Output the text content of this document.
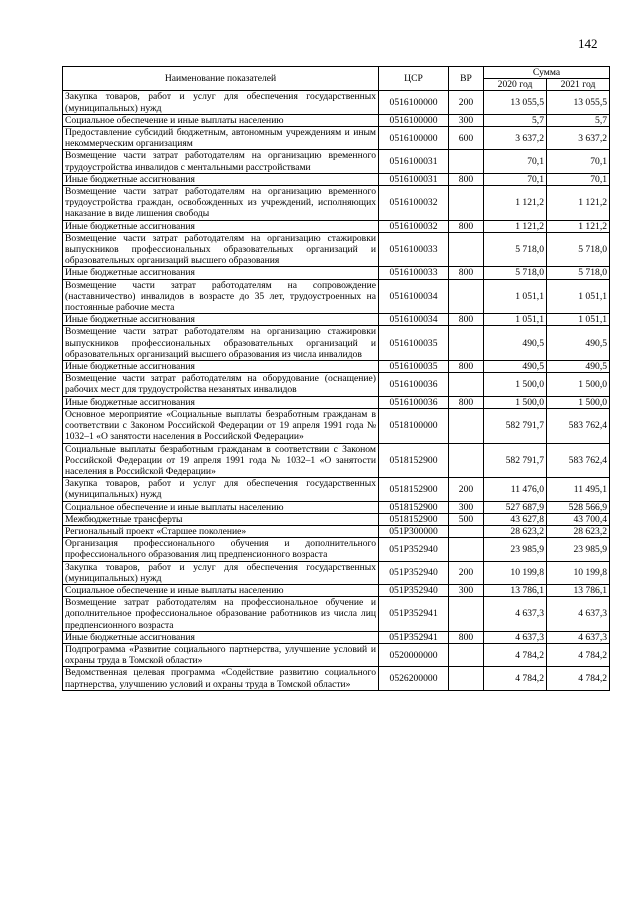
142
Наименование показателей	ЦСР	ВР	Сумма	
			2020 год	2021 год
Закупка товаров, работ и услуг для обеспечения государственных (муниципальных) нужд	0516100000	200	13 055,5	13 055,5
Социальное обеспечение и иные выплаты населению	0516100000	300	5,7	5,7
Предоставление субсидий бюджетным, автономным учреждениям и иным некоммерческим организациям	0516100000	600	3 637,2	3 637,2
Возмещение части затрат работодателям на организацию временного трудоустройства инвалидов с ментальными расстройствами	0516100031		70,1	70,1
Иные бюджетные ассигнования	0516100031	800	70,1	70,1
Возмещение части затрат работодателям на организацию временного трудоустройства граждан, освобожденных из учреждений, исполняющих наказание в виде лишения свободы	0516100032		1 121,2	1 121,2
Иные бюджетные ассигнования	0516100032	800	1 121,2	1 121,2
Возмещение части затрат работодателям на организацию стажировки выпускников профессиональных образовательных организаций и образовательных организаций высшего образования	0516100033		5 718,0	5 718,0
Иные бюджетные ассигнования	0516100033	800	5 718,0	5 718,0
Возмещение части затрат работодателям на сопровождение (наставничество) инвалидов в возрасте до 35 лет, трудоустроенных на постоянные рабочие места	0516100034		1 051,1	1 051,1
Иные бюджетные ассигнования	0516100034	800	1 051,1	1 051,1
Возмещение части затрат работодателям на организацию стажировки выпускников профессиональных образовательных организаций и образовательных организаций высшего образования из числа инвалидов	0516100035		490,5	490,5
Иные бюджетные ассигнования	0516100035	800	490,5	490,5
Возмещение части затрат работодателям на оборудование (оснащение) рабочих мест для трудоустройства незанятых инвалидов	0516100036		1 500,0	1 500,0
Иные бюджетные ассигнования	0516100036	800	1 500,0	1 500,0
Основное мероприятие «Социальные выплаты безработным гражданам в соответствии с Законом Российской Федерации от 19 апреля 1991 года № 1032–1 «О занятости населения в Российской Федерации»	0518100000		582 791,7	583 762,4
Социальные выплаты безработным гражданам в соответствии с Законом Российской Федерации от 19 апреля 1991 года № 1032–1 «О занятости населения в Российской Федерации»	0518152900		582 791,7	583 762,4
Закупка товаров, работ и услуг для обеспечения государственных (муниципальных) нужд	0518152900	200	11 476,0	11 495,1
Социальное обеспечение и иные выплаты населению	0518152900	300	527 687,9	528 566,9
Межбюджетные трансферты	0518152900	500	43 627,8	43 700,4
Региональный проект «Старшее поколение»	051P300000		28 623,2	28 623,2
Организация профессионального обучения и дополнительного профессионального образования лиц предпенсионного возраста	051P352940		23 985,9	23 985,9
Закупка товаров, работ и услуг для обеспечения государственных (муниципальных) нужд	051P352940	200	10 199,8	10 199,8
Социальное обеспечение и иные выплаты населению	051P352940	300	13 786,1	13 786,1
Возмещение затрат работодателям на профессиональное обучение и дополнительное профессиональное образование работников из числа лиц предпенсионного возраста	051P352941		4 637,3	4 637,3
Иные бюджетные ассигнования	051P352941	800	4 637,3	4 637,3
Подпрограмма «Развитие социального партнерства, улучшение условий и охраны труда в Томской области»	0520000000		4 784,2	4 784,2
Ведомственная целевая программа «Содействие развитию социального партнерства, улучшению условий и охраны труда в Томской области»	0526200000		4 784,2	4 784,2
